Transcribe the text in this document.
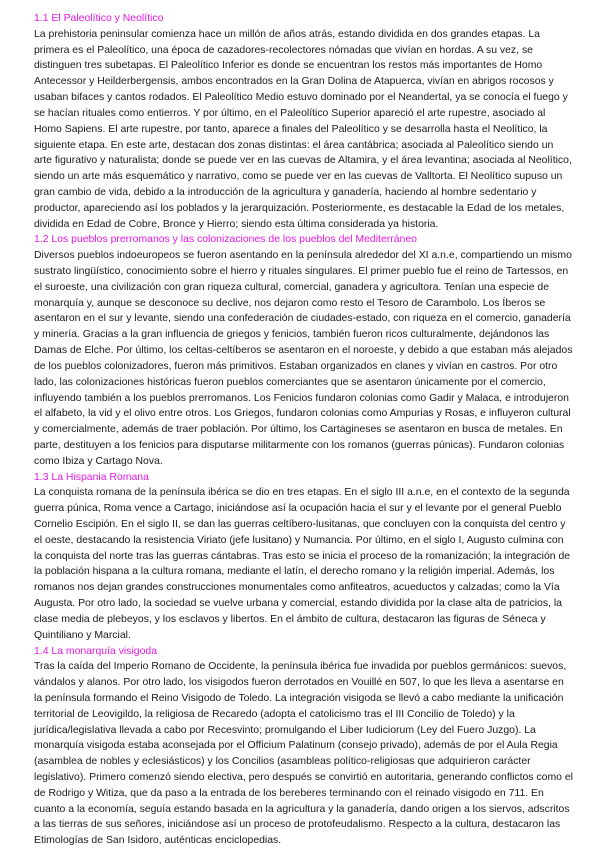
1.1 El Paleolítico y Neolítico

La prehistoria peninsular comienza hace un millón de años atrás, estando dividida en dos grandes etapas. La primera es el Paleolítico, una época de cazadores-recolectores nómadas que vivían en hordas. A su vez, se distinguen tres subetapas. El Paleolítico Inferior es donde se encuentran los restos más importantes de Homo Antecessor y Heilderbergensis, ambos encontrados en la Gran Dolina de Atapuerca, vivían en abrigos rocosos y usaban bifaces y cantos rodados. El Paleolítico Medio estuvo dominado por el Neandertal, ya se conocía el fuego y se hacían rituales como entierros. Y por último, en el Paleolítico Superior apareció el arte rupestre, asociado al Homo Sapiens. El arte rupestre, por tanto, aparece a finales del Paleolítico y se desarrolla hasta el Neolítico, la siguiente etapa. En este arte, destacan dos zonas distintas: el área cantábrica; asociada al Paleolítico siendo un arte figurativo y naturalista; donde se puede ver en las cuevas de Altamira, y el área levantina; asociada al Neolítico, siendo un arte más esquemático y narrativo, como se puede ver en las cuevas de Valltorta. El Neolítico supuso un gran cambio de vida, debido a la introducción de la agricultura y ganadería, haciendo al hombre sedentario y productor, apareciendo así los poblados y la jerarquización. Posteriormente, es destacable la Edad de los metales, dividida en Edad de Cobre, Bronce y Hierro; siendo esta última considerada ya historia.

1.2 Los pueblos prerromanos y las colonizaciones de los pueblos del Mediterráneo

Diversos pueblos indoeuropeos se fueron asentando en la península alrededor del XI a.n.e, compartiendo un mismo sustrato lingüístico, conocimiento sobre el hierro y rituales singulares. El primer pueblo fue el reino de Tartessos, en el suroeste, una civilización con gran riqueza cultural, comercial, ganadera y agricultora. Tenían una especie de monarquía y, aunque se desconoce su declive, nos dejaron como resto el Tesoro de Carambolo. Los Íberos se asentaron en el sur y levante, siendo una confederación de ciudades-estado, con riqueza en el comercio, ganadería y minería. Gracias a la gran influencia de griegos y fenicios, también fueron ricos culturalmente, dejándonos las Damas de Elche. Por último, los celtas-celtíberos se asentaron en el noroeste, y debido a que estaban más alejados de los pueblos colonizadores, fueron más primitivos. Estaban organizados en clanes y vivían en castros. Por otro lado, las colonizaciones históricas fueron pueblos comerciantes que se asentaron únicamente por el comercio, influyendo también a los pueblos prerromanos. Los Fenicios fundaron colonias como Gadir y Malaca, e introdujeron el alfabeto, la vid y el olivo entre otros. Los Griegos, fundaron colonias como Ampurias y Rosas, e influyeron cultural y comercialmente, además de traer población. Por último, los Cartagineses se asentaron en busca de metales. En parte, destituyen a los fenicios para disputarse militarmente con los romanos (guerras púnicas). Fundaron colonias como Ibiza y Cartago Nova.

1.3 La Hispania Romana

La conquista romana de la península ibérica se dio en tres etapas. En el siglo III a.n.e, en el contexto de la segunda guerra púnica, Roma vence a Cartago, iniciándose así la ocupación hacia el sur y el levante por el general Pueblo Cornelio Escipión. En el siglo II, se dan las guerras celtíbero-lusitanas, que concluyen con la conquista del centro y el oeste, destacando la resistencia Viriato (jefe lusitano) y Numancia. Por último, en el siglo I, Augusto culmina con la conquista del norte tras las guerras cántabras. Tras esto se inicia el proceso de la romanización; la integración de la población hispana a la cultura romana, mediante el latín, el derecho romano y la religión imperial. Además, los romanos nos dejan grandes construcciones monumentales como anfiteatros, acueductos y calzadas; como la Vía Augusta. Por otro lado, la sociedad se vuelve urbana y comercial, estando dividida por la clase alta de patricios, la clase media de plebeyos, y los esclavos y libertos. En el ámbito de cultura, destacaron las figuras de Séneca y Quintiliano y Marcial.

1.4 La monarquía visigoda

Tras la caída del Imperio Romano de Occidente, la península ibérica fue invadida por pueblos germánicos: suevos, vándalos y alanos. Por otro lado, los visigodos fueron derrotados en Vouillé en 507, lo que les lleva a asentarse en la península formando el Reino Visigodo de Toledo. La integración visigoda se llevó a cabo mediante la unificación territorial de Leovigildo, la religiosa de Recaredo (adopta el catolicismo tras el III Concilio de Toledo) y la jurídica/legislativa llevada a cabo por Recesvinto; promulgando el Liber Iudiciorum (Ley del Fuero Juzgo). La monarquía visigoda estaba aconsejada por el Officium Palatinum (consejo privado), además de por el Aula Regia (asamblea de nobles y eclesiásticos) y los Concilios (asambleas político-religiosas que adquirieron carácter legislativo). Primero comenzó siendo electiva, pero después se convirtió en autoritaria, generando conflictos como el de Rodrigo y Witiza, que da paso a la entrada de los bereberes terminando con el reinado visigodo en 711. En cuanto a la economía, seguía estando basada en la agricultura y la ganadería, dando origen a los siervos, adscritos a las tierras de sus señores, iniciándose así un proceso de protofeudalismo. Respecto a la cultura, destacaron las Etimologías de San Isidoro, auténticas enciclopedias.
